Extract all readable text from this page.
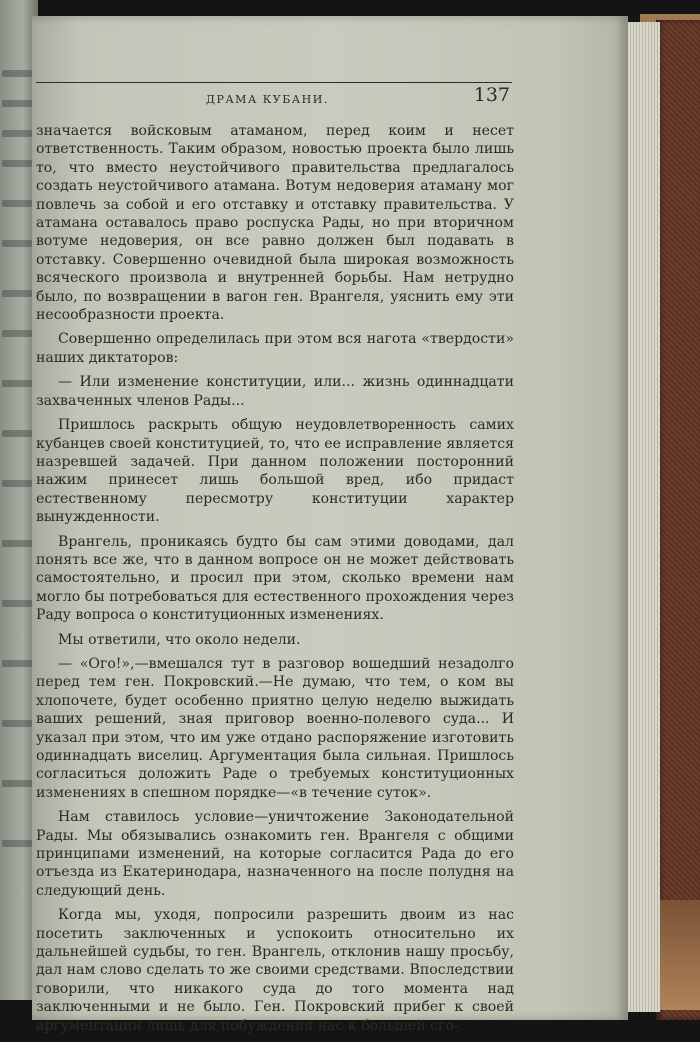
ДРАМА КУБАНИ.	137

значается войсковым атаманом, перед коим и несет ответственность. Таким образом, новостью проекта было лишь то, что вместо неустойчивого правительства предлагалось создать неустойчивого атамана. Вотум недоверия атаману мог повлечь за собой и его отставку и отставку правительства. У атамана оставалось право роспуска Рады, но при вторичном вотуме недоверия, он все равно должен был подавать в отставку. Совершенно очевидной была широкая возможность всяческого произвола и внутренней борьбы. Нам нетрудно было, по возвращении в вагон ген. Врангеля, уяснить ему эти несообразности проекта.

Совершенно определилась при этом вся нагота «твердости» наших диктаторов:

— Или изменение конституции, или... жизнь одиннадцати захваченных членов Рады...

Пришлось раскрыть общую неудовлетворенность самих кубанцев своей конституцией, то, что ее исправление является назревшей задачей. При данном положении посторонний нажим принесет лишь большой вред, ибо придаст естественному пересмотру конституции характер вынужденности.

Врангель, проникаясь будто бы сам этими доводами, дал понять все же, что в данном вопросе он не может действовать самостоятельно, и просил при этом, сколько времени нам могло бы потребоваться для естественного прохождения через Раду вопроса о конституционных изменениях.

Мы ответили, что около недели.

— «Ого!»,—вмешался тут в разговор вошедший незадолго перед тем ген. Покровский.—Не думаю, что тем, о ком вы хлопочете, будет особенно приятно целую неделю выжидать ваших решений, зная приговор военно-полевого суда... И указал при этом, что им уже отдано распоряжение изготовить одиннадцать виселиц. Аргументация была сильная. Пришлось согласиться доложить Раде о требуемых конституционных изменениях в спешном порядке—«в течение суток».

Нам ставилось условие—уничтожение Законодательной Рады. Мы обязывались ознакомить ген. Врангеля с общими принципами изменений, на которые согласится Рада до его отъезда из Екатеринодара, назначенного на после полудня на следующий день.

Когда мы, уходя, попросили разрешить двоим из нас посетить заключенных и успокоить относительно их дальнейшей судьбы, то ген. Врангель, отклонив нашу просьбу, дал нам слово сделать то же своими средствами. Впоследствии говорили, что никакого суда до того момента над заключенными и не было. Ген. Покровский прибег к своей аргументации лишь для побуждения нас к большей сго-
